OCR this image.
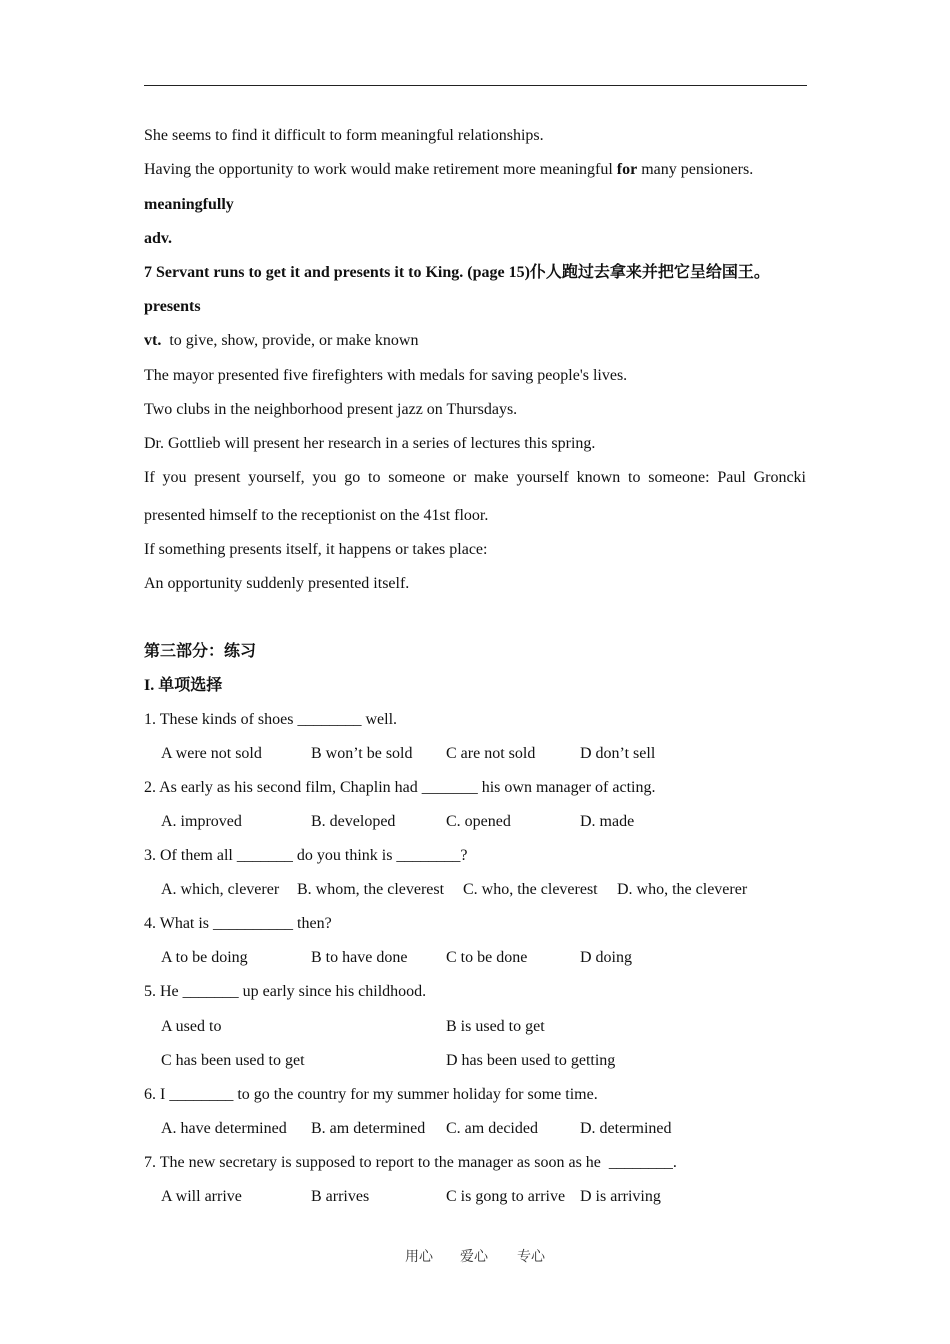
She seems to find it difficult to form meaningful relationships.
Having the opportunity to work would make retirement more meaningful for many pensioners.
meaningfully
adv.
7 Servant runs to get it and presents it to King. (page 15)仆人跑过去拿来并把它呈给国王。
presents
vt.  to give, show, provide, or make known
The mayor presented five firefighters with medals for saving people's lives.
Two clubs in the neighborhood present jazz on Thursdays.
Dr. Gottlieb will present her research in a series of lectures this spring.
If you present yourself, you go to someone or make yourself known to someone: Paul Groncki
presented himself to the receptionist on the 41st floor.
If something presents itself, it happens or takes place:
An opportunity suddenly presented itself.
第三部分：练习
I. 单项选择
1. These kinds of shoes ________ well.
A were not sold	B won’t be sold C are not sold	D don’t sell
2. As early as his second film, Chaplin had _______ his own manager of acting.
A. improved	B. developed	C. opened	D. made
3. Of them all _______ do you think is ________?
A. which, cleverer B. whom, the cleverest C. who, the cleverest D. who, the cleverer
4. What is __________ then?
A to be doing	B to have done C to be done	D doing
5. He _______ up early since his childhood.
A used to	B is used to get
C has been used to get	D has been used to getting
6. I ________ to go the country for my summer holiday for some time.
A. have determined B. am determined C. am decided	D. determined
7. The new secretary is supposed to report to the manager as soon as he  ________.
A will arrive	B arrives	C is gong to arrive D is arriving
用心 爱心 专心
